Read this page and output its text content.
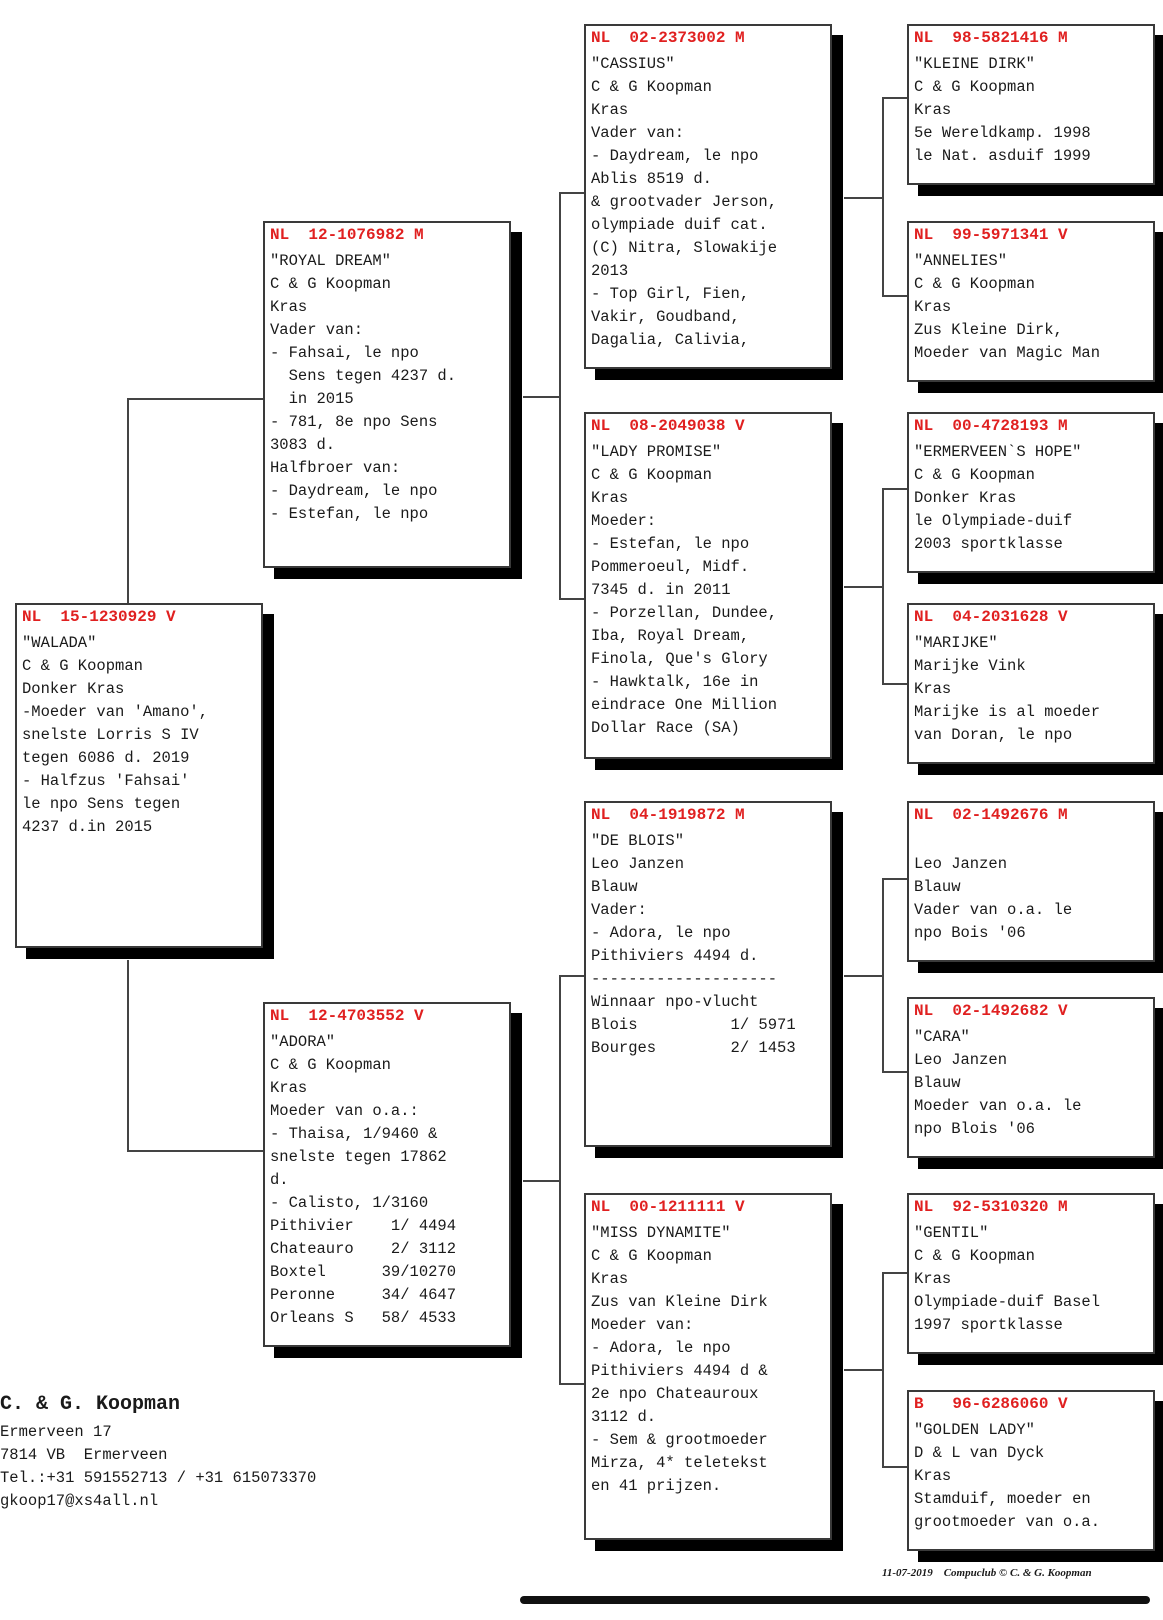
NL  15-1230929 V
"WALADA"
C & G Koopman
Donker Kras
-Moeder van 'Amano',
snelste Lorris S IV
tegen 6086 d. 2019
- Halfzus 'Fahsai'
le npo Sens tegen
4237 d.in 2015
NL  12-1076982 M
"ROYAL DREAM"
C & G Koopman
Kras
Vader van:
- Fahsai, le npo
Sens tegen 4237 d.
in 2015
- 781, 8e npo Sens
3083 d.
Halfbroer van:
- Daydream, le npo
- Estefan, le npo
NL  12-4703552 V
"ADORA"
C & G Koopman
Kras
Moeder van o.a.:
- Thaisa, 1/9460 &
snelste tegen 17862
d.
- Calisto, 1/3160
Pithivier    1/ 4494
Chateauro    2/ 3112
Boxtel      39/10270
Peronne     34/ 4647
Orleans S   58/ 4533
NL  02-2373002 M
"CASSIUS"
C & G Koopman
Kras
Vader van:
- Daydream, le npo
Ablis 8519 d.
& grootvader Jerson,
olympiade duif cat.
(C) Nitra, Slowakije
2013
- Top Girl, Fien,
Vakir, Goudband,
Dagalia, Calivia,
NL  08-2049038 V
"LADY PROMISE"
C & G Koopman
Kras
Moeder:
- Estefan, le npo
Pommeroeul, Midf.
7345 d. in 2011
- Porzellan, Dundee,
Iba, Royal Dream,
Finola, Que's Glory
- Hawktalk, 16e in
eindrace One Million
Dollar Race (SA)
NL  04-1919872 M
"DE BLOIS"
Leo Janzen
Blauw
Vader:
- Adora, le npo
Pithiviers 4494 d.
--------------------
Winnaar npo-vlucht
Blois          1/ 5971
Bourges        2/ 1453
NL  00-1211111 V
"MISS DYNAMITE"
C & G Koopman
Kras
Zus van Kleine Dirk
Moeder van:
- Adora, le npo
Pithiviers 4494 d &
2e npo Chateauroux
3112 d.
- Sem & grootmoeder
Mirza, 4* teletekst
en 41 prijzen.
NL  98-5821416 M
"KLEINE DIRK"
C & G Koopman
Kras
5e Wereldkamp. 1998
le Nat. asduif 1999
NL  99-5971341 V
"ANNELIES"
C & G Koopman
Kras
Zus Kleine Dirk,
Moeder van Magic Man
NL  00-4728193 M
"ERMERVEEN`S HOPE"
C & G Koopman
Donker Kras
le Olympiade-duif
2003 sportklasse
NL  04-2031628 V
"MARIJKE"
Marijke Vink
Kras
Marijke is al moeder
van Doran, le npo
NL  02-1492676 M
Leo Janzen
Blauw
Vader van o.a. le
npo Bois '06
NL  02-1492682 V
"CARA"
Leo Janzen
Blauw
Moeder van o.a. le
npo Blois '06
NL  92-5310320 M
"GENTIL"
C & G Koopman
Kras
Olympiade-duif Basel
1997 sportklasse
B   96-6286060 V
"GOLDEN LADY"
D & L van Dyck
Kras
Stamduif, moeder en
grootmoeder van o.a.
C. & G. Koopman
Ermerveen 17
7814 VB  Ermerveen
Tel.:+31 591552713 / +31 615073370
gkoop17@xs4all.nl
11-07-2019    Compuclub © C. & G. Koopman
